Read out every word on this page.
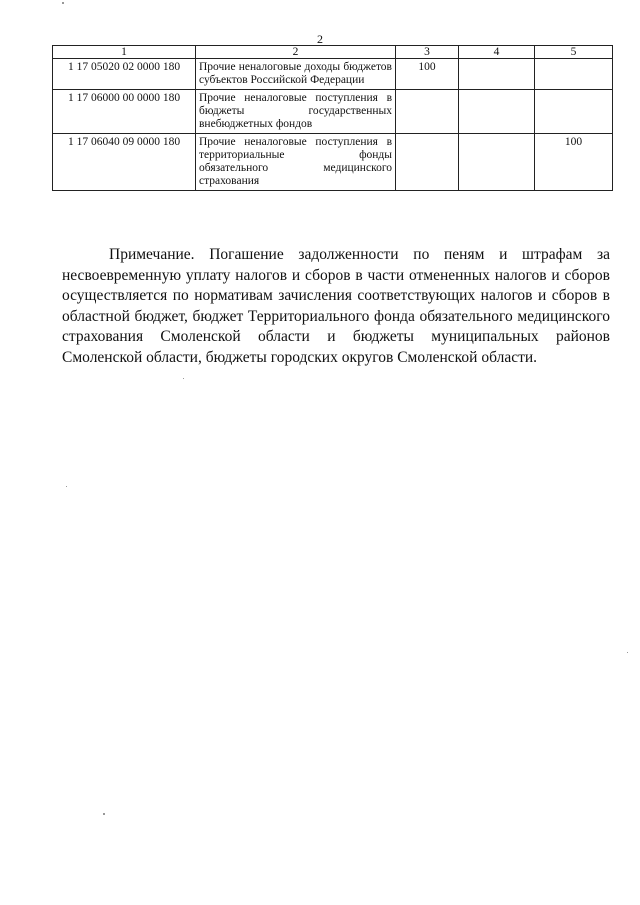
2
1	2	3	4	5
1 17 05020 02 0000 180	Прочие неналоговые доходы бюджетов субъектов Российской Федерации	100		
1 17 06000 00 0000 180	Прочие неналоговые поступления в бюджеты государственных внебюджетных фондов			
1 17 06040 09 0000 180	Прочие неналоговые поступления в территориальные фонды обязательного медицинского страхования			100

Примечание. Погашение задолженности по пеням и штрафам за несвоевременную уплату налогов и сборов в части отмененных налогов и сборов осуществляется по нормативам зачисления соответствующих налогов и сборов в областной бюджет, бюджет Территориального фонда обязательного медицинского страхования Смоленской области и бюджеты муниципальных районов Смоленской области, бюджеты городских округов Смоленской области.
